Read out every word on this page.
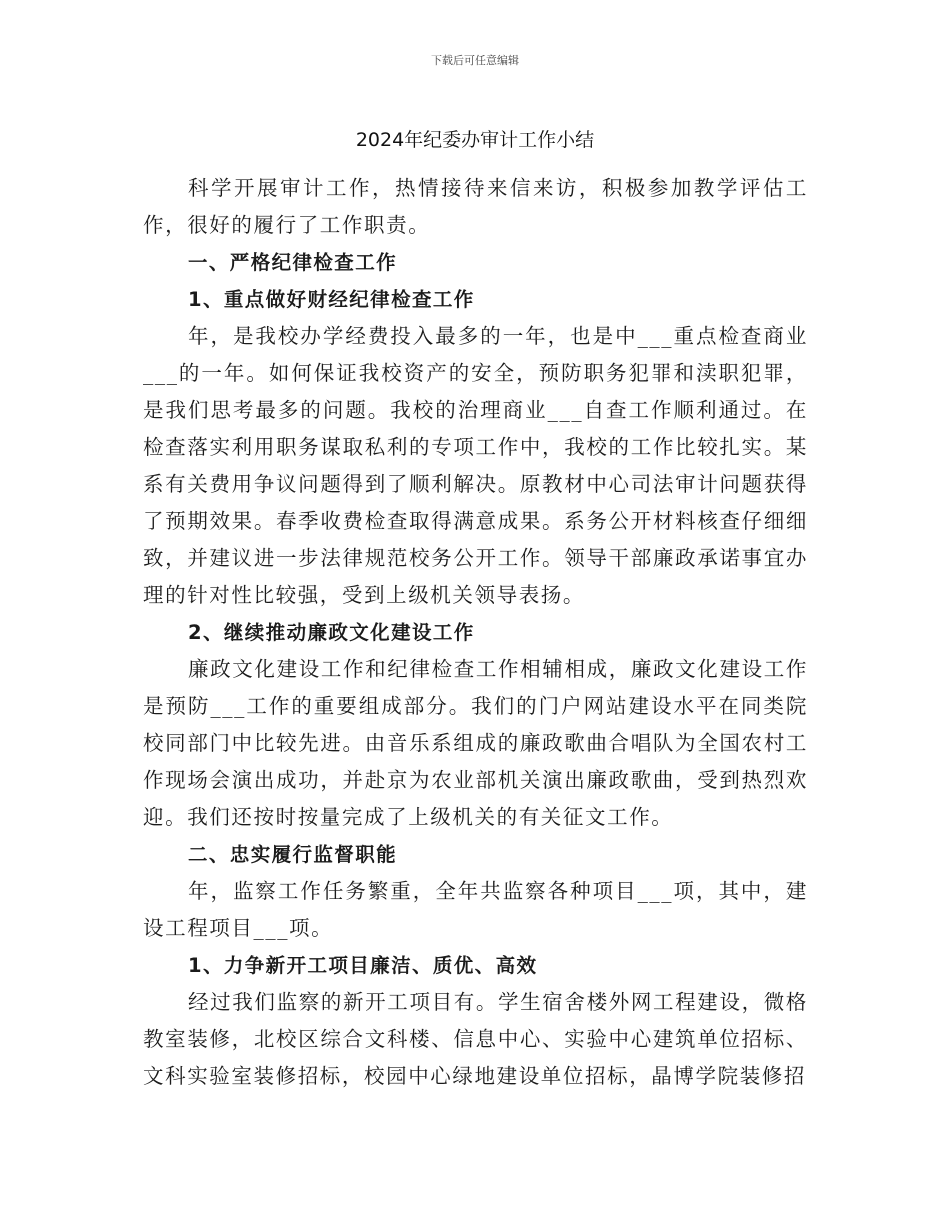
下载后可任意编辑
2024年纪委办审计工作小结

科学开展审计工作，热情接待来信来访，积极参加教学评估工作，很好的履行了工作职责。

一、严格纪律检查工作

1、重点做好财经纪律检查工作

年，是我校办学经费投入最多的一年，也是中___重点检查商业___的一年。如何保证我校资产的安全，预防职务犯罪和渎职犯罪，是我们思考最多的问题。我校的治理商业___自查工作顺利通过。在检查落实利用职务谋取私利的专项工作中，我校的工作比较扎实。某系有关费用争议问题得到了顺利解决。原教材中心司法审计问题获得了预期效果。春季收费检查取得满意成果。系务公开材料核查仔细细致，并建议进一步法律规范校务公开工作。领导干部廉政承诺事宜办理的针对性比较强，受到上级机关领导表扬。

2、继续推动廉政文化建设工作

廉政文化建设工作和纪律检查工作相辅相成，廉政文化建设工作是预防___工作的重要组成部分。我们的门户网站建设水平在同类院校同部门中比较先进。由音乐系组成的廉政歌曲合唱队为全国农村工作现场会演出成功，并赴京为农业部机关演出廉政歌曲，受到热烈欢迎。我们还按时按量完成了上级机关的有关征文工作。

二、忠实履行监督职能

年，监察工作任务繁重，全年共监察各种项目___项，其中，建设工程项目___项。

1、力争新开工项目廉洁、质优、高效

经过我们监察的新开工项目有。学生宿舍楼外网工程建设，微格教室装修，北校区综合文科楼、信息中心、实验中心建筑单位招标、文科实验室装修招标，校园中心绿地建设单位招标，晶博学院装修招
